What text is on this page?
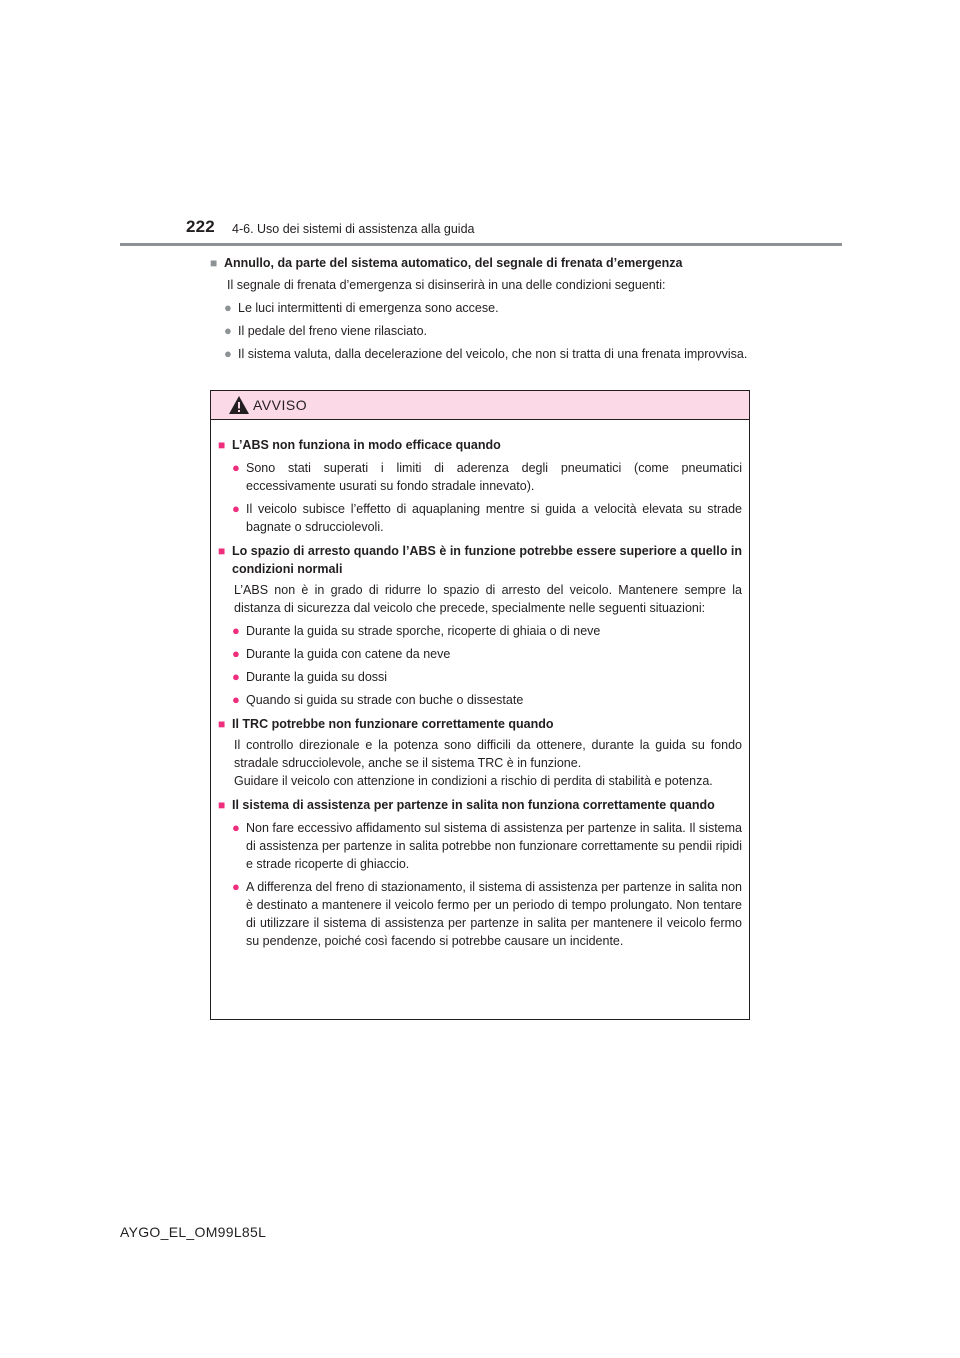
222 4-6. Uso dei sistemi di assistenza alla guida
■ Annullo, da parte del sistema automatico, del segnale di frenata d’emergenza
Il segnale di frenata d’emergenza si disinserirà in una delle condizioni seguenti:
● Le luci intermittenti di emergenza sono accese.
● Il pedale del freno viene rilasciato.
● Il sistema valuta, dalla decelerazione del veicolo, che non si tratta di una frenata improvvisa.
AVVISO
■ L’ABS non funziona in modo efficace quando
● Sono stati superati i limiti di aderenza degli pneumatici (come pneumatici eccessivamente usurati su fondo stradale innevato).
● Il veicolo subisce l’effetto di aquaplaning mentre si guida a velocità elevata su strade bagnate o sdrucciolevoli.
■ Lo spazio di arresto quando l’ABS è in funzione potrebbe essere superiore a quello in condizioni normali
L’ABS non è in grado di ridurre lo spazio di arresto del veicolo. Mantenere sempre la distanza di sicurezza dal veicolo che precede, specialmente nelle seguenti situazioni:
● Durante la guida su strade sporche, ricoperte di ghiaia o di neve
● Durante la guida con catene da neve
● Durante la guida su dossi
● Quando si guida su strade con buche o dissestate
■ Il TRC potrebbe non funzionare correttamente quando
Il controllo direzionale e la potenza sono difficili da ottenere, durante la guida su fondo stradale sdrucciolevole, anche se il sistema TRC è in funzione.
Guidare il veicolo con attenzione in condizioni a rischio di perdita di stabilità e potenza.
■ Il sistema di assistenza per partenze in salita non funziona correttamente quando
● Non fare eccessivo affidamento sul sistema di assistenza per partenze in salita. Il sistema di assistenza per partenze in salita potrebbe non funzionare correttamente su pendii ripidi e strade ricoperte di ghiaccio.
● A differenza del freno di stazionamento, il sistema di assistenza per partenze in salita non è destinato a mantenere il veicolo fermo per un periodo di tempo prolungato. Non tentare di utilizzare il sistema di assistenza per partenze in salita per mantenere il veicolo fermo su pendenze, poiché così facendo si potrebbe causare un incidente.
AYGO_EL_OM99L85L
